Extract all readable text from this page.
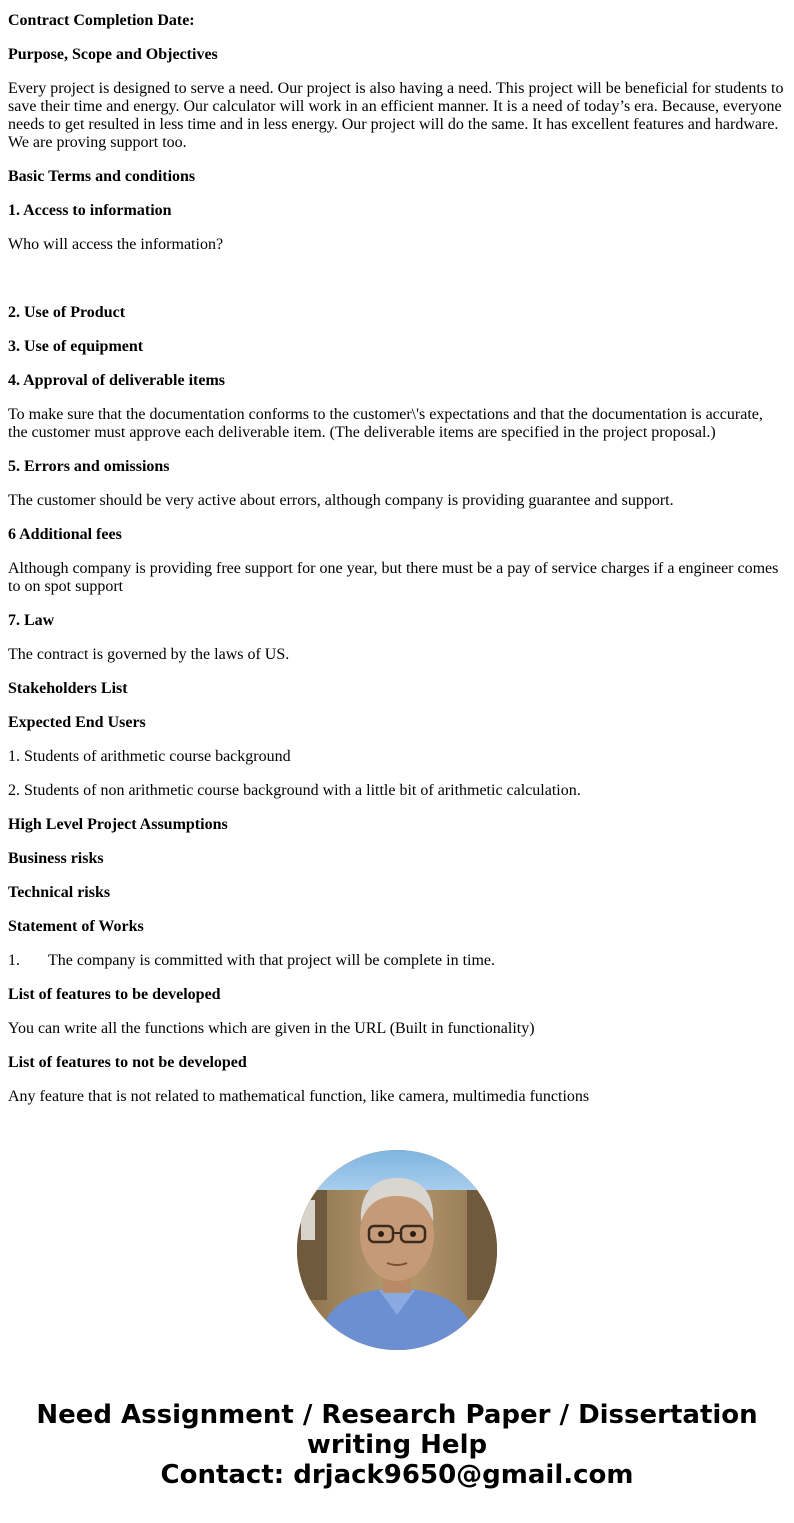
Contract Completion Date:

Purpose, Scope and Objectives

Every project is designed to serve a need. Our project is also having a need. This project will be beneficial for students to save their time and energy. Our calculator will work in an efficient manner. It is a need of today’s era. Because, everyone needs to get resulted in less time and in less energy. Our project will do the same. It has excellent features and hardware. We are proving support too.

Basic Terms and conditions

1. Access to information

Who will access the information?

2. Use of Product

3. Use of equipment

4. Approval of deliverable items

To make sure that the documentation conforms to the customer\'s expectations and that the documentation is accurate, the customer must approve each deliverable item. (The deliverable items are specified in the project proposal.)

5. Errors and omissions

The customer should be very active about errors, although company is providing guarantee and support.

6 Additional fees

Although company is providing free support for one year, but there must be a pay of service charges if a engineer comes to on spot support

7. Law

The contract is governed by the laws of US.

Stakeholders List

Expected End Users

1. Students of arithmetic course background

2. Students of non arithmetic course background with a little bit of arithmetic calculation.

High Level Project Assumptions

Business risks

Technical risks

Statement of Works

1.	The company is committed with that project will be complete in time.

List of features to be developed

You can write all the functions which are given in the URL (Built in functionality)

List of features to not be developed

Any feature that is not related to mathematical function, like camera, multimedia functions

Need Assignment / Research Paper / Dissertation
writing Help
Contact: drjack9650@gmail.com
